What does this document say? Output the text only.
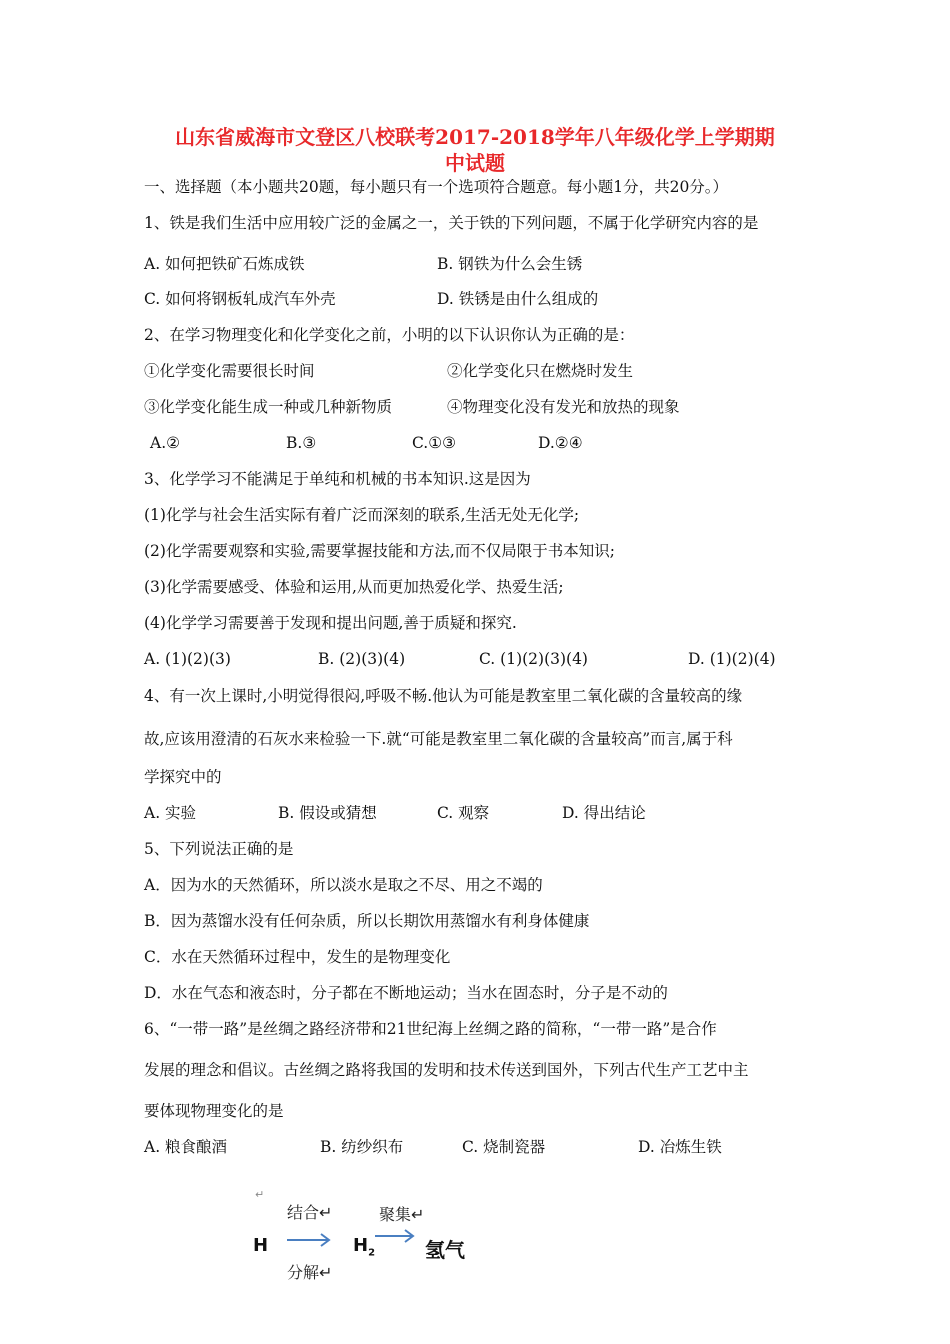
山东省威海市文登区八校联考2017-2018学年八年级化学上学期期
中试题
一、选择题（本小题共20题，每小题只有一个选项符合题意。每小题1分，共20分。）
1、铁是我们生活中应用较广泛的金属之一，关于铁的下列问题，不属于化学研究内容的是
A. 如何把铁矿石炼成铁	B. 钢铁为什么会生锈
C. 如何将钢板轧成汽车外壳	D. 铁锈是由什么组成的
2、在学习物理变化和化学变化之前，小明的以下认识你认为正确的是：
①化学变化需要很长时间	②化学变化只在燃烧时发生
③化学变化能生成一种或几种新物质	④物理变化没有发光和放热的现象
A.②	B.③	C.①③	D.②④
3、化学学习不能满足于单纯和机械的书本知识.这是因为
(1)化学与社会生活实际有着广泛而深刻的联系,生活无处无化学;
(2)化学需要观察和实验,需要掌握技能和方法,而不仅局限于书本知识;
(3)化学需要感受、体验和运用,从而更加热爱化学、热爱生活;
(4)化学学习需要善于发现和提出问题,善于质疑和探究.
A. (1)(2)(3)	B. (2)(3)(4)	C. (1)(2)(3)(4)	D. (1)(2)(4)
4、有一次上课时,小明觉得很闷,呼吸不畅.他认为可能是教室里二氧化碳的含量较高的缘
故,应该用澄清的石灰水来检验一下.就“可能是教室里二氧化碳的含量较高”而言,属于科
学探究中的
A. 实验	B. 假设或猜想	C. 观察	D. 得出结论
5、下列说法正确的是
A．因为水的天然循环，所以淡水是取之不尽、用之不竭的
B．因为蒸馏水没有任何杂质，所以长期饮用蒸馏水有利身体健康
C．水在天然循环过程中，发生的是物理变化
D．水在气态和液态时，分子都在不断地运动；当水在固态时，分子是不动的
6、“一带一路”是丝绸之路经济带和21世纪海上丝绸之路的简称，“一带一路”是合作
发展的理念和倡议。古丝绸之路将我国的发明和技术传送到国外，下列古代生产工艺中主
要体现物理变化的是
A. 粮食酿酒	B. 纺纱织布	C. 烧制瓷器	D. 冶炼生铁
↵
结合↵	聚集↵
H	$H_2$ 氢气
分解↵
